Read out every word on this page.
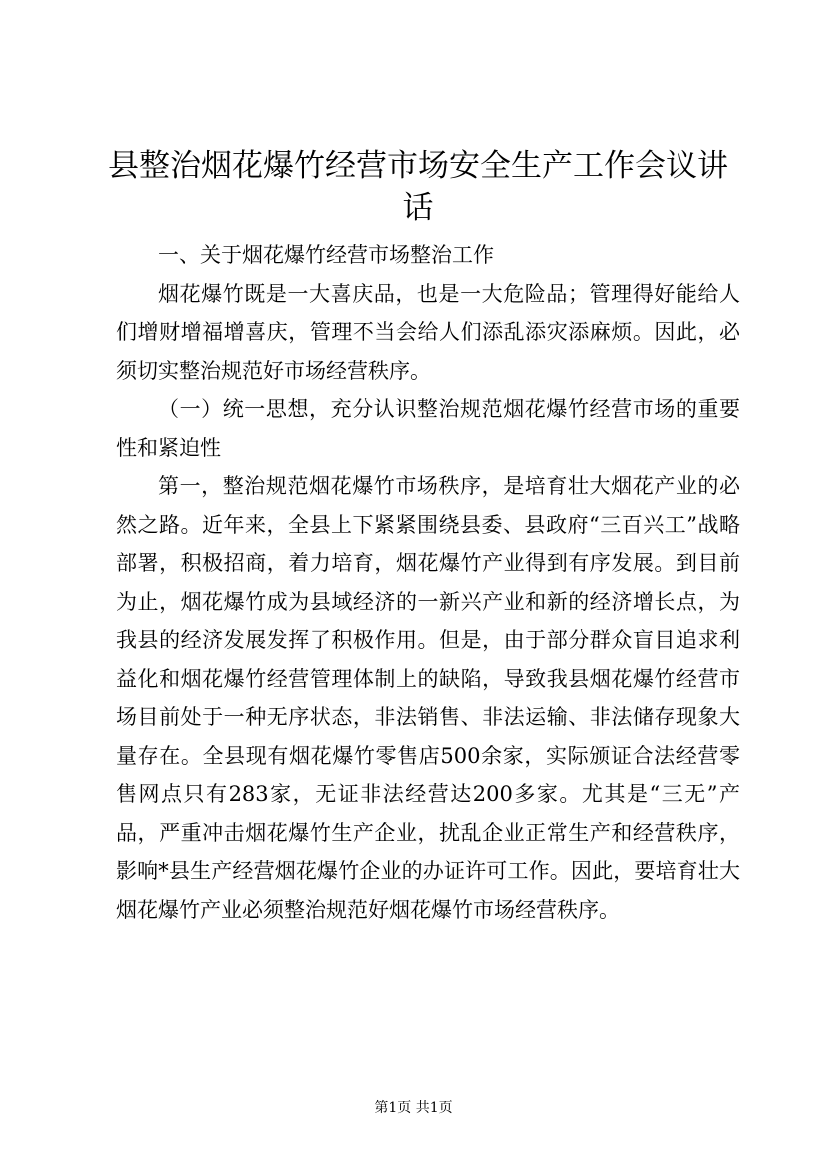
县整治烟花爆竹经营市场安全生产工作会议讲话

一、关于烟花爆竹经营市场整治工作

烟花爆竹既是一大喜庆品，也是一大危险品；管理得好能给人们增财增福增喜庆，管理不当会给人们添乱添灾添麻烦。因此，必须切实整治规范好市场经营秩序。

（一）统一思想，充分认识整治规范烟花爆竹经营市场的重要性和紧迫性

第一，整治规范烟花爆竹市场秩序，是培育壮大烟花产业的必然之路。近年来，全县上下紧紧围绕县委、县政府“三百兴工”战略部署，积极招商，着力培育，烟花爆竹产业得到有序发展。到目前为止，烟花爆竹成为县域经济的一新兴产业和新的经济增长点，为我县的经济发展发挥了积极作用。但是，由于部分群众盲目追求利益化和烟花爆竹经营管理体制上的缺陷，导致我县烟花爆竹经营市场目前处于一种无序状态，非法销售、非法运输、非法储存现象大量存在。全县现有烟花爆竹零售店500余家，实际颁证合法经营零售网点只有283家，无证非法经营达200多家。尤其是“三无”产品，严重冲击烟花爆竹生产企业，扰乱企业正常生产和经营秩序，影响*县生产经营烟花爆竹企业的办证许可工作。因此，要培育壮大烟花爆竹产业必须整治规范好烟花爆竹市场经营秩序。

第1页 共1页
